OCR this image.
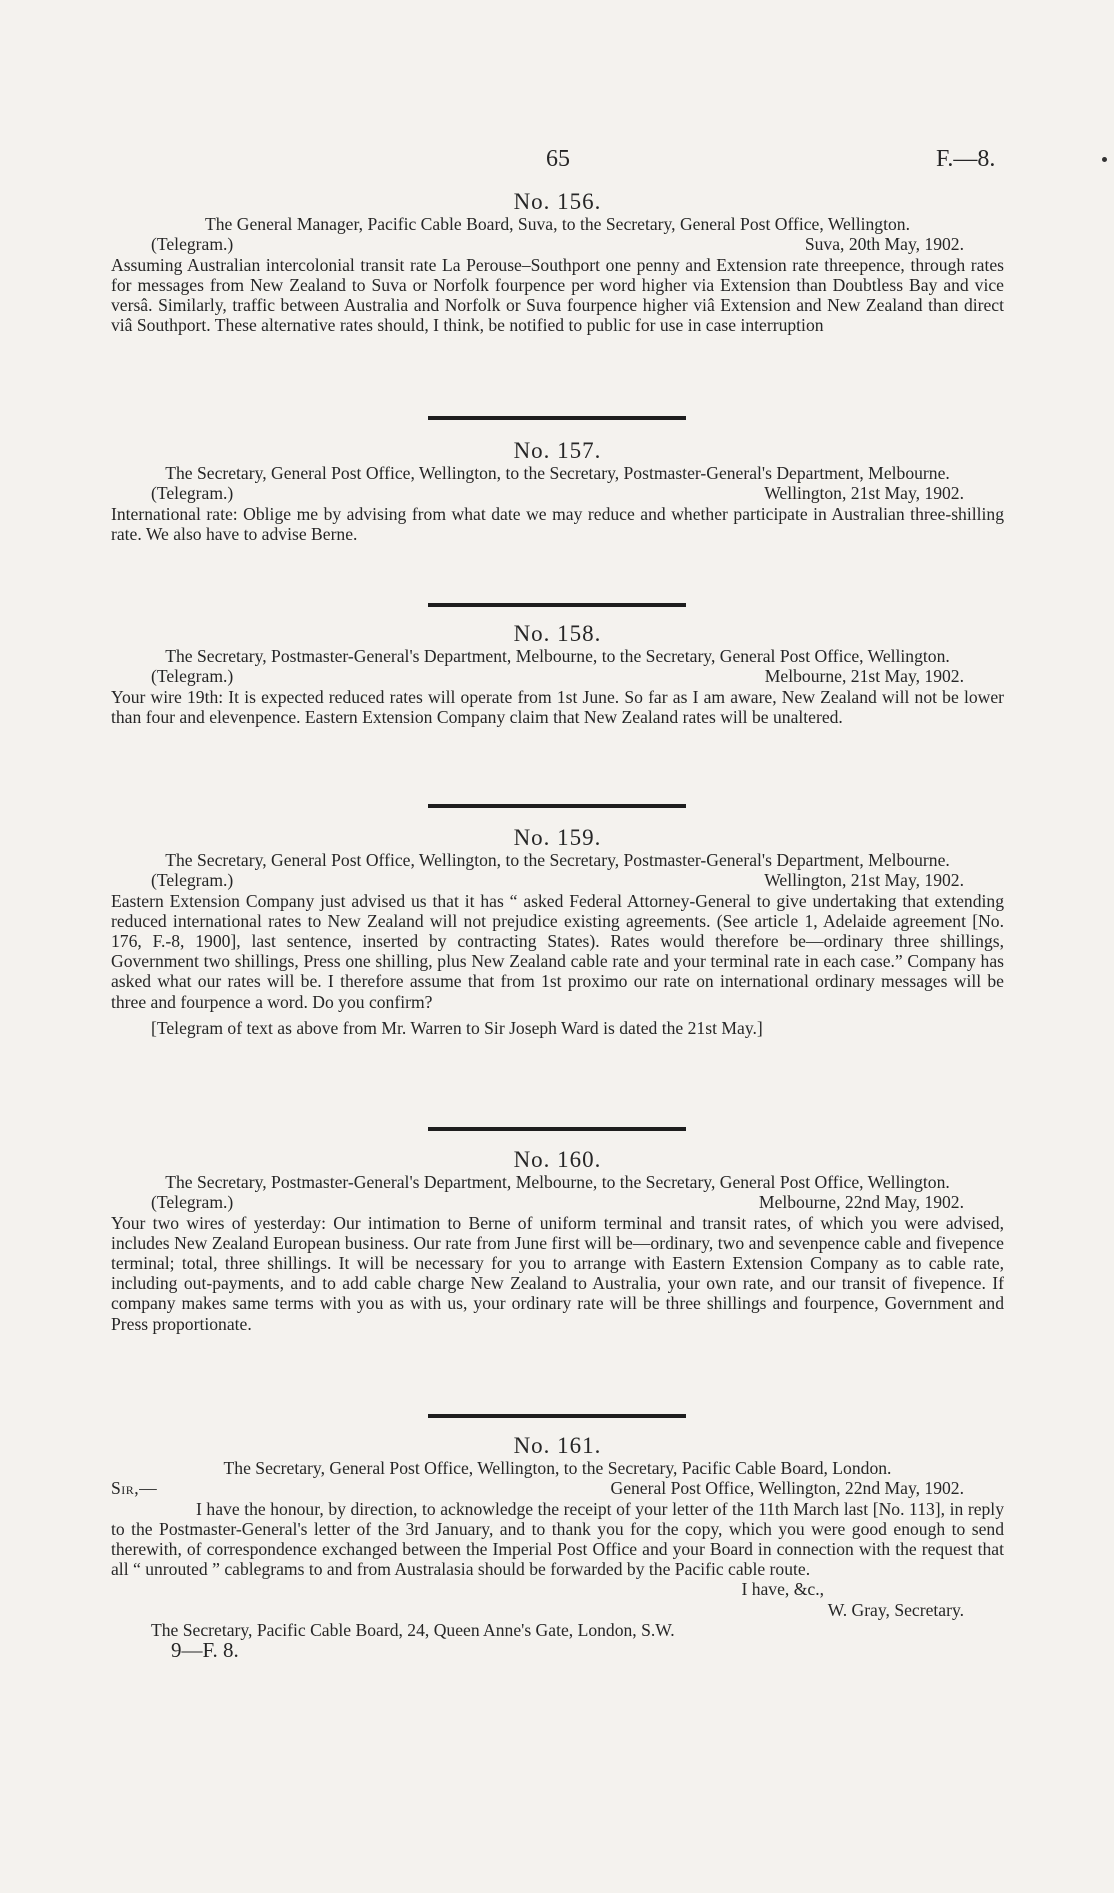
65	F.—8.
No. 156.
The General Manager, Pacific Cable Board, Suva, to the Secretary, General Post Office, Wellington.
(Telegram.)	Suva, 20th May, 1902.
Assuming Australian intercolonial transit rate La Perouse–Southport one penny and Extension rate threepence, through rates for messages from New Zealand to Suva or Norfolk fourpence per word higher via Extension than Doubtless Bay and vice versâ. Similarly, traffic between Australia and Norfolk or Suva fourpence higher viâ Extension and New Zealand than direct viâ Southport. These alternative rates should, I think, be notified to public for use in case interruption
No. 157.
The Secretary, General Post Office, Wellington, to the Secretary, Postmaster-General's Department, Melbourne.
(Telegram.)	Wellington, 21st May, 1902.
International rate: Oblige me by advising from what date we may reduce and whether participate in Australian three-shilling rate. We also have to advise Berne.
No. 158.
The Secretary, Postmaster-General's Department, Melbourne, to the Secretary, General Post Office, Wellington.
(Telegram.)	Melbourne, 21st May, 1902.
Your wire 19th: It is expected reduced rates will operate from 1st June. So far as I am aware, New Zealand will not be lower than four and elevenpence. Eastern Extension Company claim that New Zealand rates will be unaltered.
No. 159.
The Secretary, General Post Office, Wellington, to the Secretary, Postmaster-General's Department, Melbourne.
(Telegram.)	Wellington, 21st May, 1902.
Eastern Extension Company just advised us that it has “ asked Federal Attorney-General to give undertaking that extending reduced international rates to New Zealand will not prejudice existing agreements. (See article 1, Adelaide agreement [No. 176, F.-8, 1900], last sentence, inserted by contracting States). Rates would therefore be—ordinary three shillings, Government two shillings, Press one shilling, plus New Zealand cable rate and your terminal rate in each case.” Company has asked what our rates will be. I therefore assume that from 1st proximo our rate on international ordinary messages will be three and fourpence a word. Do you confirm?
[Telegram of text as above from Mr. Warren to Sir Joseph Ward is dated the 21st May.]
No. 160.
The Secretary, Postmaster-General's Department, Melbourne, to the Secretary, General Post Office, Wellington.
(Telegram.)	Melbourne, 22nd May, 1902.
Your two wires of yesterday: Our intimation to Berne of uniform terminal and transit rates, of which you were advised, includes New Zealand European business. Our rate from June first will be—ordinary, two and sevenpence cable and fivepence terminal; total, three shillings. It will be necessary for you to arrange with Eastern Extension Company as to cable rate, including out-payments, and to add cable charge New Zealand to Australia, your own rate, and our transit of fivepence. If company makes same terms with you as with us, your ordinary rate will be three shillings and fourpence, Government and Press proportionate.
No. 161.
The Secretary, General Post Office, Wellington, to the Secretary, Pacific Cable Board, London.
Sir,—	General Post Office, Wellington, 22nd May, 1902.
I have the honour, by direction, to acknowledge the receipt of your letter of the 11th March last [No. 113], in reply to the Postmaster-General's letter of the 3rd January, and to thank you for the copy, which you were good enough to send therewith, of correspondence exchanged between the Imperial Post Office and your Board in connection with the request that all “ unrouted ” cablegrams to and from Australasia should be forwarded by the Pacific cable route.
I have, &c.,
W. Gray, Secretary.
The Secretary, Pacific Cable Board, 24, Queen Anne's Gate, London, S.W.
9—F. 8.
